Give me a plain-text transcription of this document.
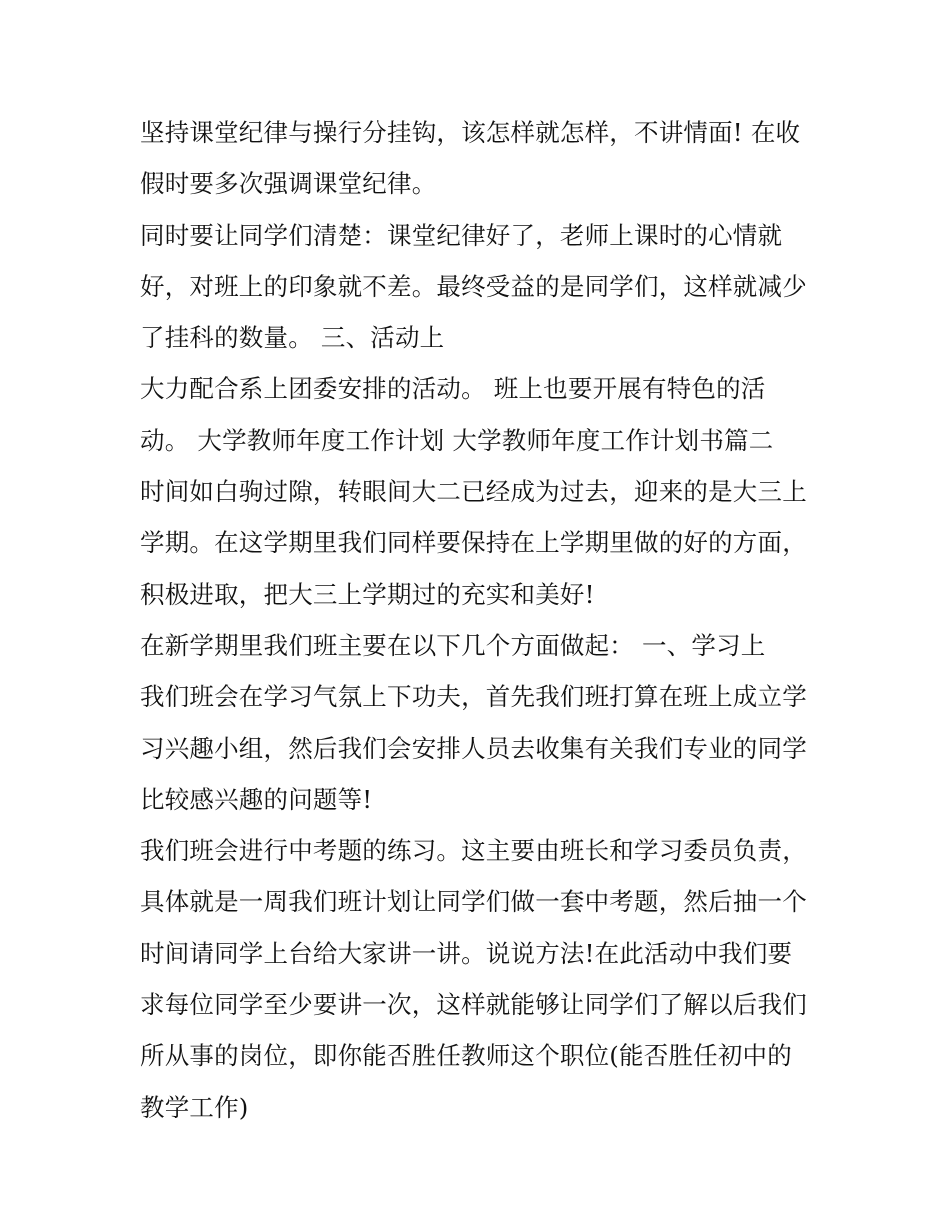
坚持课堂纪律与操行分挂钩，该怎样就怎样，不讲情面! 在收
假时要多次强调课堂纪律。
同时要让同学们清楚：课堂纪律好了，老师上课时的心情就
好，对班上的印象就不差。最终受益的是同学们，这样就减少
了挂科的数量。 三、活动上
大力配合系上团委安排的活动。 班上也要开展有特色的活
动。 大学教师年度工作计划 大学教师年度工作计划书篇二
时间如白驹过隙，转眼间大二已经成为过去，迎来的是大三上
学期。在这学期里我们同样要保持在上学期里做的好的方面，
积极进取，把大三上学期过的充实和美好!
在新学期里我们班主要在以下几个方面做起： 一、学习上
我们班会在学习气氛上下功夫，首先我们班打算在班上成立学
习兴趣小组，然后我们会安排人员去收集有关我们专业的同学
比较感兴趣的问题等!
我们班会进行中考题的练习。这主要由班长和学习委员负责，
具体就是一周我们班计划让同学们做一套中考题，然后抽一个
时间请同学上台给大家讲一讲。说说方法!在此活动中我们要
求每位同学至少要讲一次，这样就能够让同学们了解以后我们
所从事的岗位，即你能否胜任教师这个职位(能否胜任初中的
教学工作)
